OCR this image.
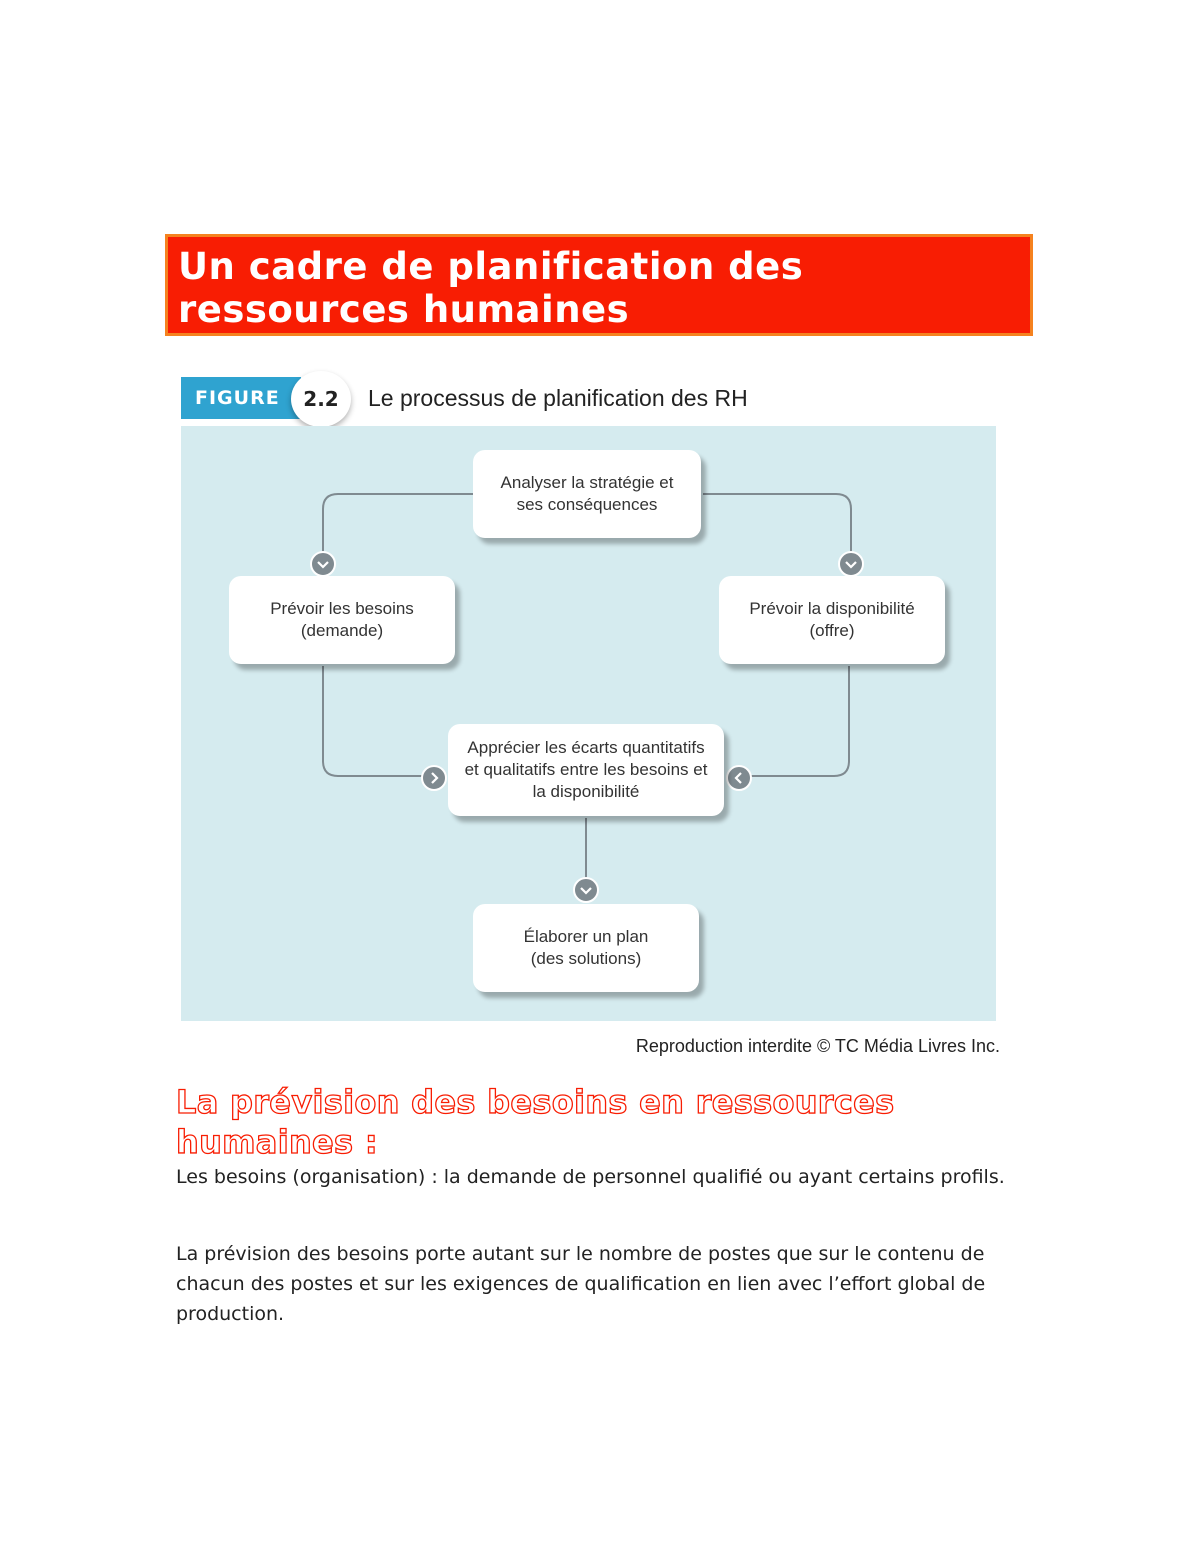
Un cadre de planification des ressources humaines
FIGURE	2.2	Le processus de planification des RH
Analyser la stratégie et
ses conséquences
Prévoir les besoins
(demande)
Prévoir la disponibilité
(offre)
Apprécier les écarts quantitatifs
et qualitatifs entre les besoins et
la disponibilité
Élaborer un plan
(des solutions)
Reproduction interdite © TC Média Livres Inc.
La prévision des besoins en ressources humaines :

Les besoins (organisation) : la demande de personnel qualifié ou ayant certains profils.

La prévision des besoins porte autant sur le nombre de postes que sur le contenu de chacun des postes et sur les exigences de qualification en lien avec l’effort global de production.
